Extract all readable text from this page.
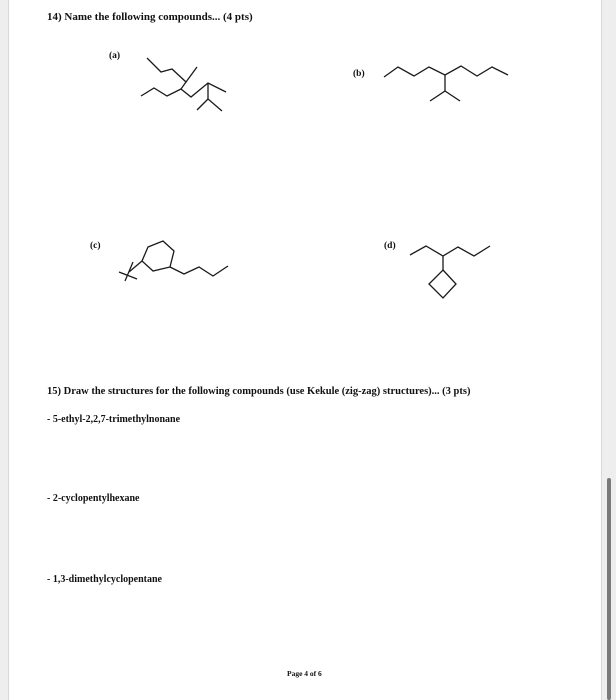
14) Name the following compounds... (4 pts)
(a)
(b)
(c)	(d)
15) Draw the structures for the following compounds (use Kekule (zig-zag) structures)... (3 pts)
- 5-ethyl-2,2,7-trimethylnonane
- 2-cyclopentylhexane
- 1,3-dimethylcyclopentane
Page 4 of 6
